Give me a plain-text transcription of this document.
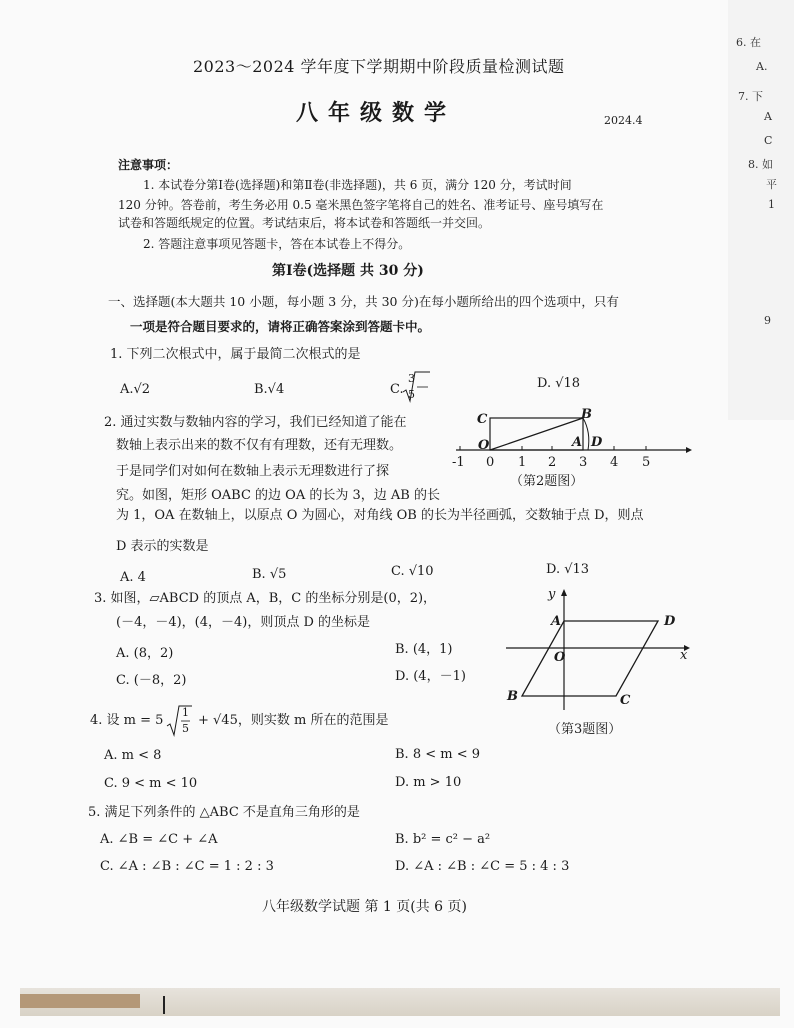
2023～2024 学年度下学期期中阶段质量检测试题
八年级数学	2024.4
注意事项：
1. 本试卷分第Ⅰ卷(选择题)和第Ⅱ卷(非选择题)，共 6 页，满分 120 分，考试时间
120 分钟。答卷前，考生务必用 0.5 毫米黑色签字笔将自己的姓名、准考证号、座号填写在
试卷和答题纸规定的位置。考试结束后，将本试卷和答题纸一并交回。
2. 答题注意事项见答题卡，答在本试卷上不得分。
第Ⅰ卷(选择题 共 30 分)
一、选择题(本大题共 10 小题，每小题 3 分，共 30 分)在每小题所给出的四个选项中，只有
一项是符合题目要求的，请将正确答案涂到答题卡中。
1. 下列二次根式中，属于最简二次根式的是
A.√2	B.√4	C.
3
5
D. √18
2. 通过实数与数轴内容的学习，我们已经知道了能在
数轴上表示出来的数不仅有有理数，还有无理数。
于是同学们对如何在数轴上表示无理数进行了探
究。如图，矩形 OABC 的边 OA 的长为 3，边 AB 的长
为 1，OA 在数轴上，以原点 O 为圆心，对角线 OB 的长为半径画弧，交数轴于点 D，则点
D 表示的实数是
A. 4	B. √5	C. √10	D. √13
C	B
O	A D
-1 0 1 2 3 4 5
（第2题图）
3. 如图，▱ABCD 的顶点 A，B，C 的坐标分别是(0，2)，
(－4，－4)，(4，－4)，则顶点 D 的坐标是
A. (8，2)	B. (4，1)
C. (－8，2)	D. (4，－1)
y
x
A	D
O
B	C
（第3题图）
4. 设 m = 5
1
5
+ √45，则实数 m 所在的范围是
A. m < 8	B. 8 < m < 9
C. 9 < m < 10	D. m > 10
5. 满足下列条件的 △ABC 不是直角三角形的是
A. ∠B = ∠C + ∠A	B. b² = c² − a²
C. ∠A : ∠B : ∠C = 1 : 2 : 3	D. ∠A : ∠B : ∠C = 5 : 4 : 3
八年级数学试题 第 1 页(共 6 页)
6. 在
A.
7. 下
A
C
8. 如
平
1
9
